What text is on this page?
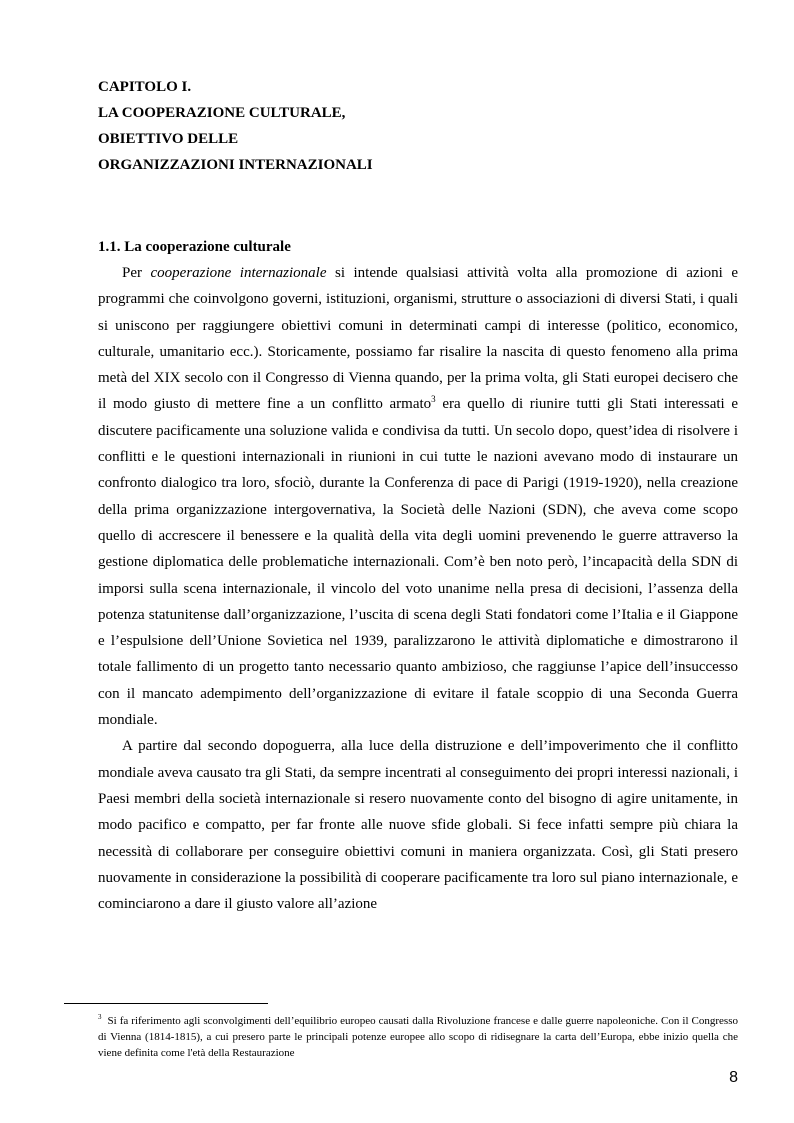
CAPITOLO I.
LA COOPERAZIONE CULTURALE,
OBIETTIVO DELLE
ORGANIZZAZIONI INTERNAZIONALI
1.1. La cooperazione culturale

Per cooperazione internazionale si intende qualsiasi attività volta alla promozione di azioni e programmi che coinvolgono governi, istituzioni, organismi, strutture o associazioni di diversi Stati, i quali si uniscono per raggiungere obiettivi comuni in determinati campi di interesse (politico, economico, culturale, umanitario ecc.). Storicamente, possiamo far risalire la nascita di questo fenomeno alla prima metà del XIX secolo con il Congresso di Vienna quando, per la prima volta, gli Stati europei decisero che il modo giusto di mettere fine a un conflitto armato$^3$ era quello di riunire tutti gli Stati interessati e discutere pacificamente una soluzione valida e condivisa da tutti. Un secolo dopo, quest’idea di risolvere i conflitti e le questioni internazionali in riunioni in cui tutte le nazioni avevano modo di instaurare un confronto dialogico tra loro, sfociò, durante la Conferenza di pace di Parigi (1919-1920), nella creazione della prima organizzazione intergovernativa, la Società delle Nazioni (SDN), che aveva come scopo quello di accrescere il benessere e la qualità della vita degli uomini prevenendo le guerre attraverso la gestione diplomatica delle problematiche internazionali. Com’è ben noto però, l’incapacità della SDN di imporsi sulla scena internazionale, il vincolo del voto unanime nella presa di decisioni, l’assenza della potenza statunitense dall’organizzazione, l’uscita di scena degli Stati fondatori come l’Italia e il Giappone e l’espulsione dell’Unione Sovietica nel 1939, paralizzarono le attività diplomatiche e dimostrarono il totale fallimento di un progetto tanto necessario quanto ambizioso, che raggiunse l’apice dell’insuccesso con il mancato adempimento dell’organizzazione di evitare il fatale scoppio di una Seconda Guerra mondiale.

A partire dal secondo dopoguerra, alla luce della distruzione e dell’impoverimento che il conflitto mondiale aveva causato tra gli Stati, da sempre incentrati al conseguimento dei propri interessi nazionali, i Paesi membri della società internazionale si resero nuovamente conto del bisogno di agire unitamente, in modo pacifico e compatto, per far fronte alle nuove sfide globali. Si fece infatti sempre più chiara la necessità di collaborare per conseguire obiettivi comuni in maniera organizzata. Così, gli Stati presero nuovamente in considerazione la possibilità di cooperare pacificamente tra loro sul piano internazionale, e cominciarono a dare il giusto valore all’azione

$^3$ Si fa riferimento agli sconvolgimenti dell’equilibrio europeo causati dalla Rivoluzione francese e dalle guerre napoleoniche. Con il Congresso di Vienna (1814-1815), a cui presero parte le principali potenze europee allo scopo di ridisegnare la carta dell’Europa, ebbe inizio quella che viene definita come l'età della Restaurazione
8
